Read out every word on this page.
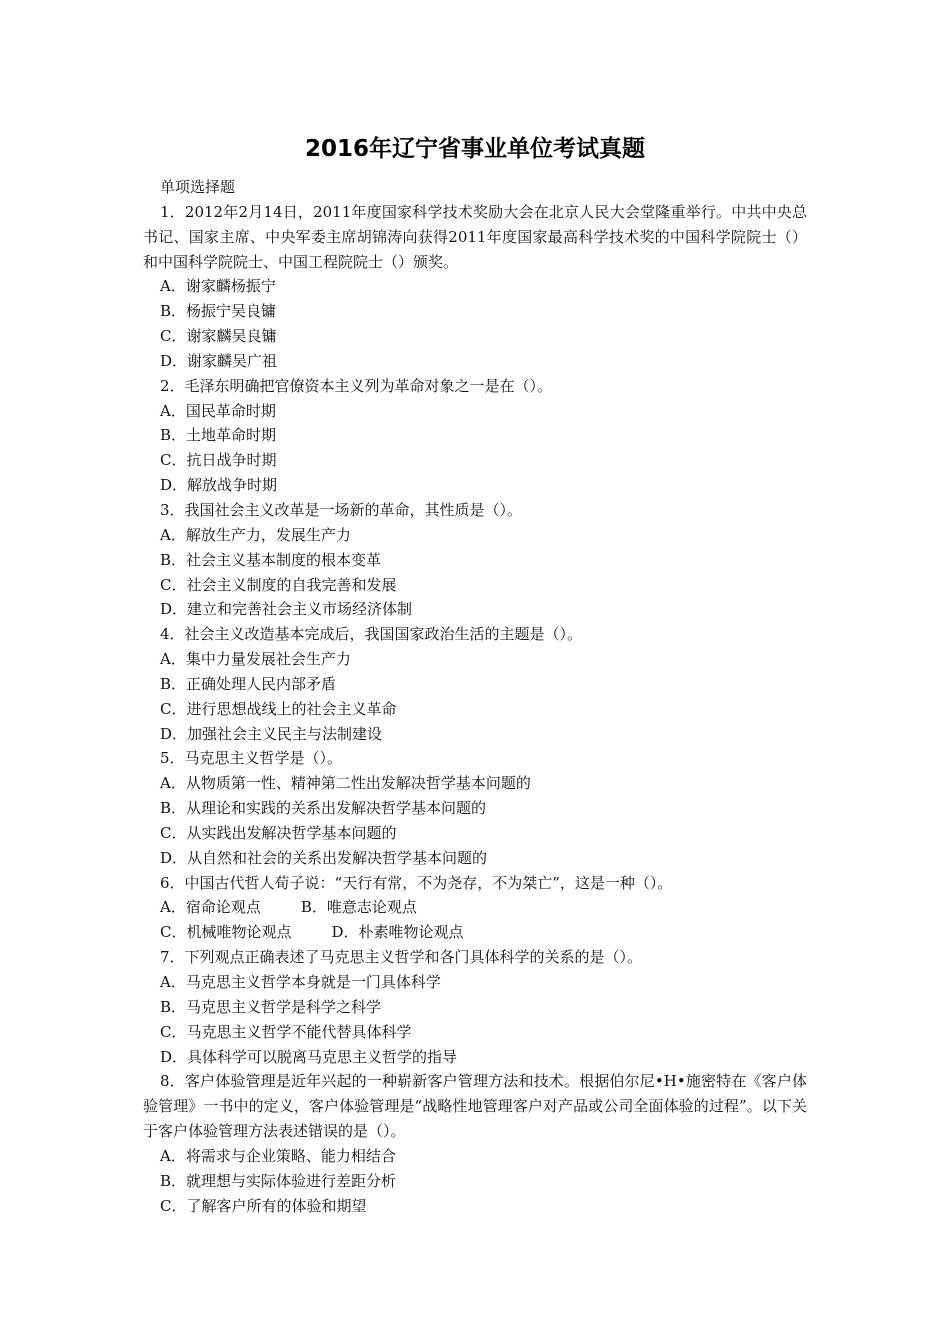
2016年辽宁省事业单位考试真题
单项选择题
1．2012年2月14日，2011年度国家科学技术奖励大会在北京人民大会堂隆重举行。中共中央总书记、国家主席、中央军委主席胡锦涛向获得2011年度国家最高科学技术奖的中国科学院院士（）和中国科学院院士、中国工程院院士（）颁奖。
A．谢家麟杨振宁
B．杨振宁吴良镛
C．谢家麟吴良镛
D．谢家麟吴广祖
2．毛泽东明确把官僚资本主义列为革命对象之一是在（）。
A．国民革命时期
B．土地革命时期
C．抗日战争时期
D．解放战争时期
3．我国社会主义改革是一场新的革命，其性质是（）。
A．解放生产力，发展生产力
B．社会主义基本制度的根本变革
C．社会主义制度的自我完善和发展
D．建立和完善社会主义市场经济体制
4．社会主义改造基本完成后，我国国家政治生活的主题是（）。
A．集中力量发展社会生产力
B．正确处理人民内部矛盾
C．进行思想战线上的社会主义革命
D．加强社会主义民主与法制建设
5．马克思主义哲学是（）。
A．从物质第一性、精神第二性出发解决哲学基本问题的
B．从理论和实践的关系出发解决哲学基本问题的
C．从实践出发解决哲学基本问题的
D．从自然和社会的关系出发解决哲学基本问题的
6．中国古代哲人荀子说：“天行有常，不为尧存，不为桀亡”，这是一种（）。
A．宿命论观点	B．唯意志论观点
C．机械唯物论观点	D．朴素唯物论观点
7．下列观点正确表述了马克思主义哲学和各门具体科学的关系的是（）。
A．马克思主义哲学本身就是一门具体科学
B．马克思主义哲学是科学之科学
C．马克思主义哲学不能代替具体科学
D．具体科学可以脱离马克思主义哲学的指导
8．客户体验管理是近年兴起的一种崭新客户管理方法和技术。根据伯尔尼•H•施密特在《客户体验管理》一书中的定义，客户体验管理是“战略性地管理客户对产品或公司全面体验的过程”。以下关于客户体验管理方法表述错误的是（）。
A．将需求与企业策略、能力相结合
B．就理想与实际体验进行差距分析
C．了解客户所有的体验和期望
